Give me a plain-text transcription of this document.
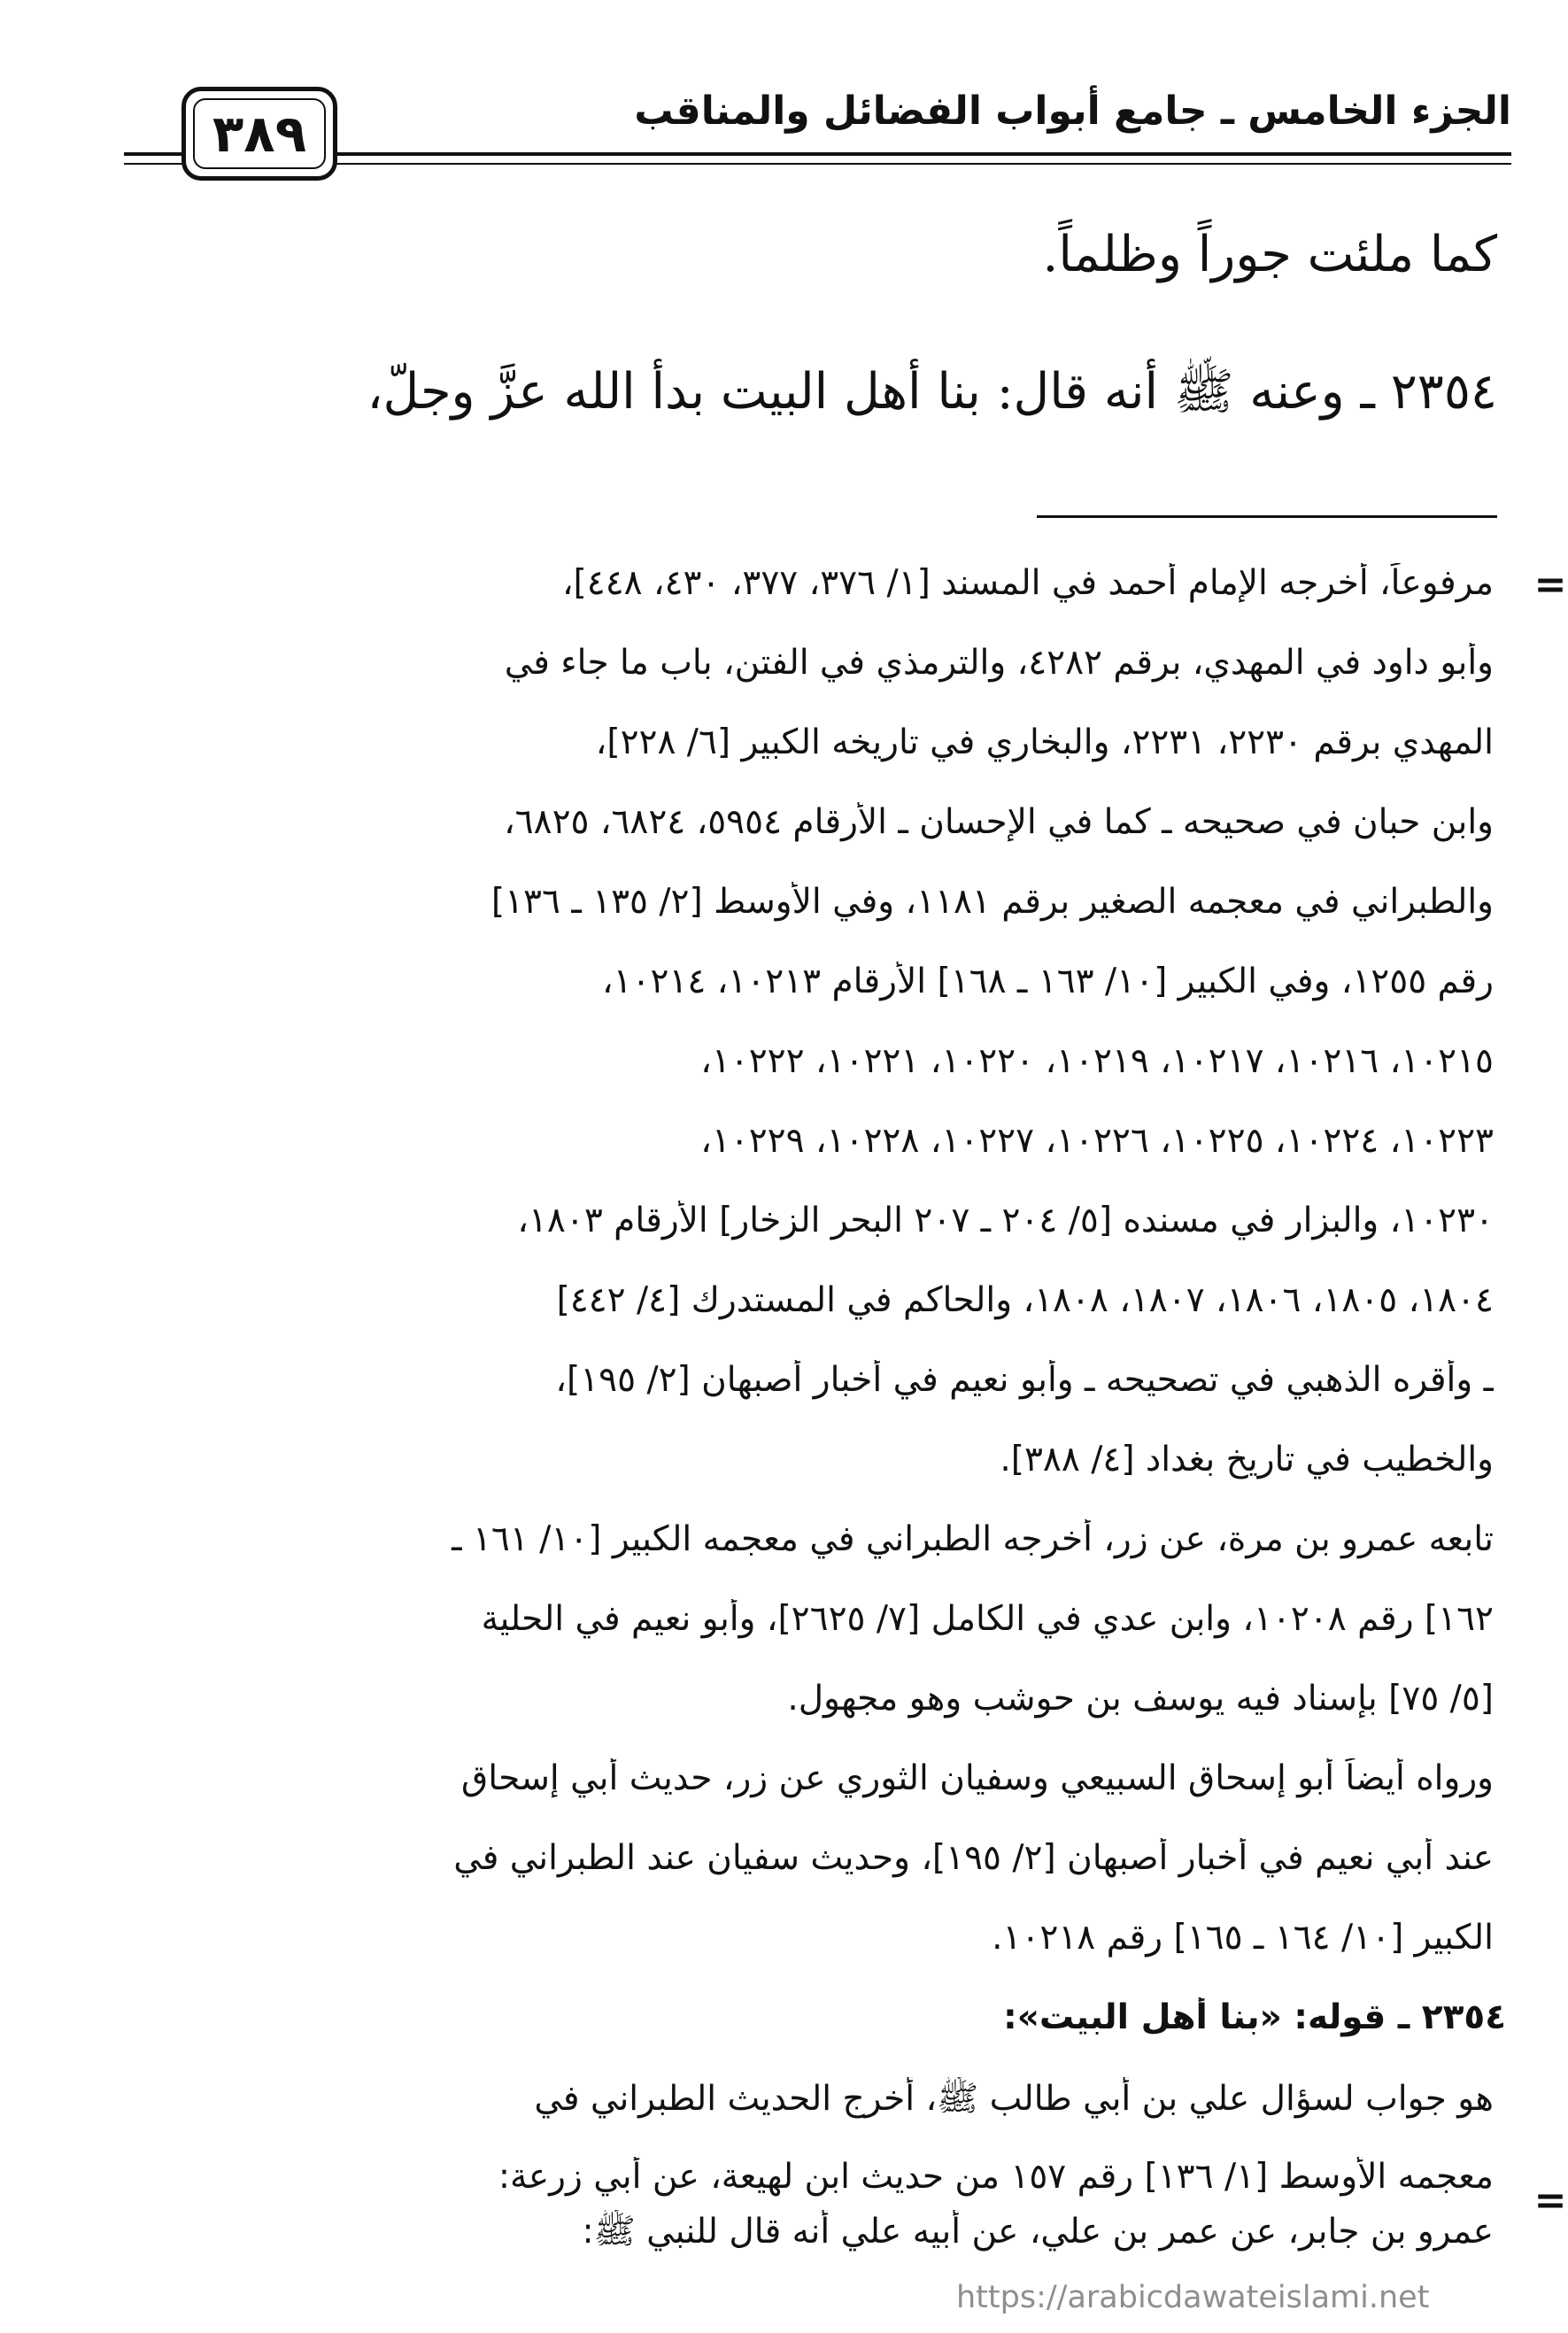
الجزء الخامس ـ جامع أبواب الفضائل والمناقب
٣٨٩
كما ملئت جوراً وظلماً.
٢٣٥٤ ـ وعنه ﷺ أنه قال: بنا أهل البيت بدأ الله عزَّ وجلّ،
=
=
مرفوعاً، أخرجه الإمام أحمد في المسند [١/ ٣٧٦، ٣٧٧، ٤٣٠، ٤٤٨]،
وأبو داود في المهدي، برقم ٤٢٨٢، والترمذي في الفتن، باب ما جاء في
المهدي برقم ٢٢٣٠، ٢٢٣١، والبخاري في تاريخه الكبير [٦/ ٢٢٨]،
وابن حبان في صحيحه ـ كما في الإحسان ـ الأرقام ٥٩٥٤، ٦٨٢٤، ٦٨٢٥،
والطبراني في معجمه الصغير برقم ١١٨١، وفي الأوسط [٢/ ١٣٥ ـ ١٣٦]
رقم ١٢٥٥، وفي الكبير [١٠/ ١٦٣ ـ ١٦٨] الأرقام ١٠٢١٣، ١٠٢١٤،
١٠٢١٥، ١٠٢١٦، ١٠٢١٧، ١٠٢١٩، ١٠٢٢٠، ١٠٢٢١، ١٠٢٢٢،
١٠٢٢٣، ١٠٢٢٤، ١٠٢٢٥، ١٠٢٢٦، ١٠٢٢٧، ١٠٢٢٨، ١٠٢٢٩،
١٠٢٣٠، والبزار في مسنده [٥/ ٢٠٤ ـ ٢٠٧ البحر الزخار] الأرقام ١٨٠٣،
١٨٠٤، ١٨٠٥، ١٨٠٦، ١٨٠٧، ١٨٠٨، والحاكم في المستدرك [٤/ ٤٤٢]
ـ وأقره الذهبي في تصحيحه ـ وأبو نعيم في أخبار أصبهان [٢/ ١٩٥]،
والخطيب في تاريخ بغداد [٤/ ٣٨٨].
تابعه عمرو بن مرة، عن زر، أخرجه الطبراني في معجمه الكبير [١٠/ ١٦١ ـ
١٦٢] رقم ١٠٢٠٨، وابن عدي في الكامل [٧/ ٢٦٢٥]، وأبو نعيم في الحلية
[٥/ ٧٥] بإسناد فيه يوسف بن حوشب وهو مجهول.
ورواه أيضاً أبو إسحاق السبيعي وسفيان الثوري عن زر، حديث أبي إسحاق
عند أبي نعيم في أخبار أصبهان [٢/ ١٩٥]، وحديث سفيان عند الطبراني في
الكبير [١٠/ ١٦٤ ـ ١٦٥] رقم ١٠٢١٨.
٢٣٥٤ ـ قوله: «بنا أهل البيت»:
هو جواب لسؤال علي بن أبي طالب ﷺ، أخرج الحديث الطبراني في
معجمه الأوسط [١/ ١٣٦] رقم ١٥٧ من حديث ابن لهيعة، عن أبي زرعة:
عمرو بن جابر، عن عمر بن علي، عن أبيه علي أنه قال للنبي ﷺ:
https://arabicdawateislami.net
